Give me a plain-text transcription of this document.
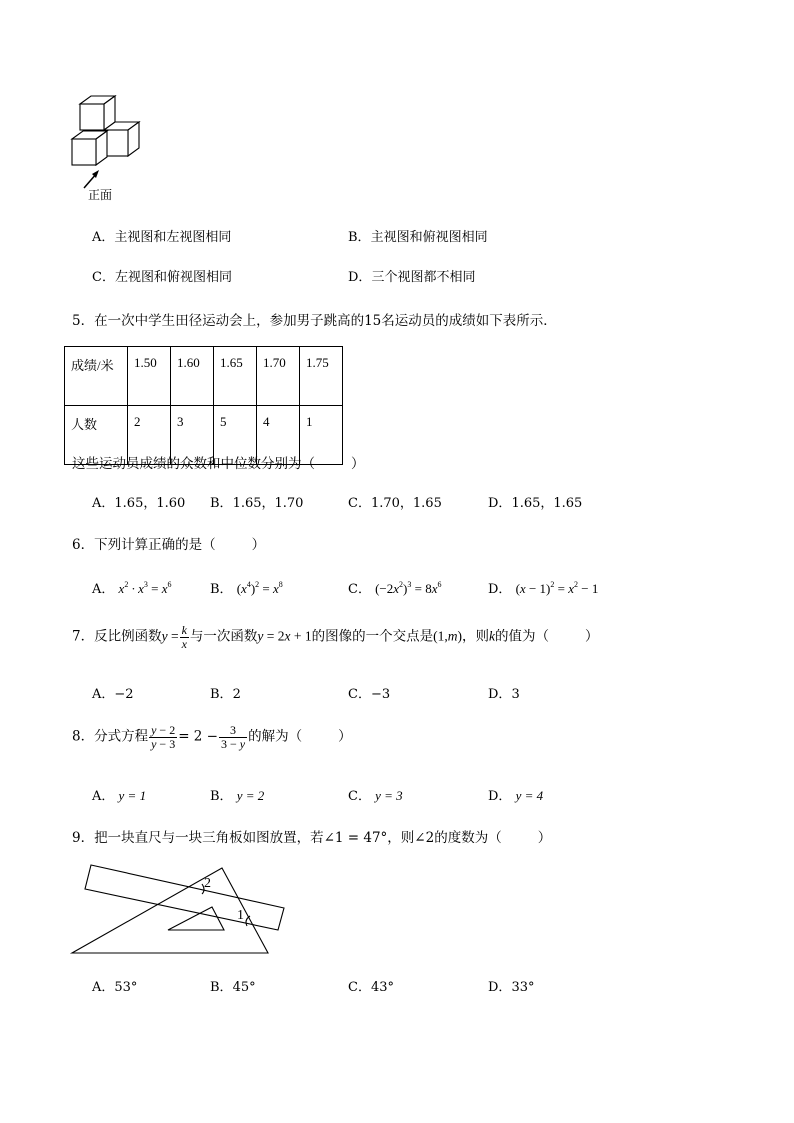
正面
A．主视图和左视图相同	B．主视图和俯视图相同
C．左视图和俯视图相同	D．三个视图都不相同
5．在一次中学生田径运动会上，参加男子跳高的15名运动员的成绩如下表所示．
成绩/米	1.50	1.60	1.65	1.70	1.75
人数	2	3	5	4	1
这些运动员成绩的众数和中位数分别为（	）
A．1.65，1.60 B．1.65，1.70	C．1.70，1.65	D．1.65，1.65
6．下列计算正确的是（	）
A． $x^2 \cdot x^3 = x^6$	B． $(x^4)^2 = x^8$	C． $(-2x^2)^3 = 8x^6$	D． $(x - 1)^2 = x^2 - 1$
7．反比例函数$y = \frac{k}{x}$ 与一次函数y = 2x + 1的图像的一个交点是(1,m)，则k的值为（	）
A．−2	B．2	C．−3	D．3
8．分式方程 $\frac{y - 2}{y - 3} = 2 - \frac{3}{3 - y}$ 的解为（	）
A． y = 1	B． y = 2	C． y = 3	D． y = 4
9．把一块直尺与一块三角板如图放置，若∠1 = 47°，则∠2的度数为（	）
2
1
A．53°	B．45°	C．43°	D．33°
